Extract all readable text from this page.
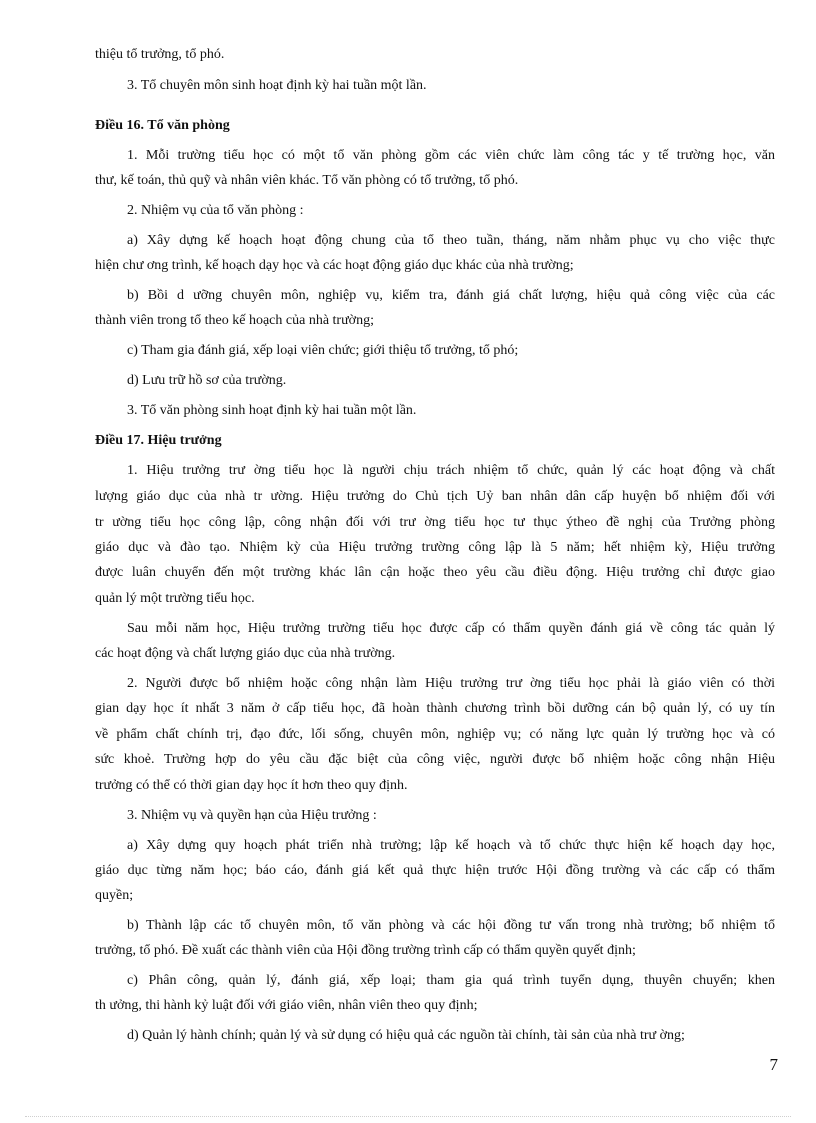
thiệu tổ trưởng, tổ phó.
3. Tổ chuyên môn sinh hoạt định kỳ hai tuần một lần.
Điều 16. Tổ văn phòng
1. Mỗi trường tiểu học có một tổ văn phòng gồm các viên chức làm công tác y tế trường học, văn
thư, kế toán, thủ quỹ và nhân viên khác. Tổ văn phòng có tổ trưởng, tổ phó.
2. Nhiệm vụ của tổ văn phòng :
a) Xây dựng kế hoạch hoạt động chung của tổ theo tuần, tháng, năm nhằm phục vụ cho việc thực
hiện chư ơng trình, kế hoạch dạy học và các hoạt động giáo dục khác của nhà trường;
b) Bồi d ưỡng chuyên môn, nghiệp vụ, kiểm tra, đánh giá chất lượng, hiệu quả công việc của các
thành viên trong tổ theo kế hoạch của nhà trường;
c) Tham gia đánh giá, xếp loại viên chức; giới thiệu tổ trưởng, tổ phó;
d) Lưu trữ hồ sơ của trường.
3. Tổ văn phòng sinh hoạt định kỳ hai tuần một lần.
Điều 17. Hiệu trưởng
1. Hiệu trưởng trư ờng tiểu học là người chịu trách nhiệm tổ chức, quản lý các hoạt động và chất
lượng giáo dục của nhà tr ường. Hiệu trưởng do Chủ tịch Uỷ ban nhân dân cấp huyện bổ nhiệm đối với
tr ường tiểu học công lập, công nhận đối với trư ờng tiểu học tư thục ýtheo đề nghị của Trưởng phòng
giáo dục và đào tạo. Nhiệm kỳ của Hiệu trưởng trường công lập là 5 năm; hết nhiệm kỳ, Hiệu trưởng
được luân chuyển đến một trường khác lân cận hoặc theo yêu cầu điều động. Hiệu trưởng chỉ được giao
quản lý một trường tiểu học.
Sau mỗi năm học, Hiệu trưởng trường tiểu học được cấp có thẩm quyền đánh giá về công tác quản lý
các hoạt động và chất lượng giáo dục của nhà trường.
2. Người được bổ nhiệm hoặc công nhận làm Hiệu trưởng trư ờng tiểu học phải là giáo viên có thời
gian dạy học ít nhất 3 năm ở cấp tiểu học, đã hoàn thành chương trình bồi dưỡng cán bộ quản lý, có uy tín
về phẩm chất chính trị, đạo đức, lối sống, chuyên môn, nghiệp vụ; có năng lực quản lý trường học và có
sức khoẻ. Trường hợp do yêu cầu đặc biệt của công việc, người được bổ nhiệm hoặc công nhận Hiệu
trưởng có thể có thời gian dạy học ít hơn theo quy định.
3. Nhiệm vụ và quyền hạn của Hiệu trưởng :
a) Xây dựng quy hoạch phát triển nhà trường; lập kế hoạch và tổ chức thực hiện kế hoạch dạy học,
giáo dục từng năm học; báo cáo, đánh giá kết quả thực hiện trước Hội đồng trường và các cấp có thẩm
quyền;
b) Thành lập các tổ chuyên môn, tổ văn phòng và các hội đồng tư vấn trong nhà trường; bổ nhiệm tổ
trưởng, tổ phó. Đề xuất các thành viên của Hội đồng trường trình cấp có thẩm quyền quyết định;
c) Phân công, quản lý, đánh giá, xếp loại; tham gia quá trình tuyển dụng, thuyên chuyển; khen
th ưởng, thi hành kỷ luật đối với giáo viên, nhân viên theo quy định;
d) Quản lý hành chính; quản lý và sử dụng có hiệu quả các nguồn tài chính, tài sản của nhà trư ờng;
7
